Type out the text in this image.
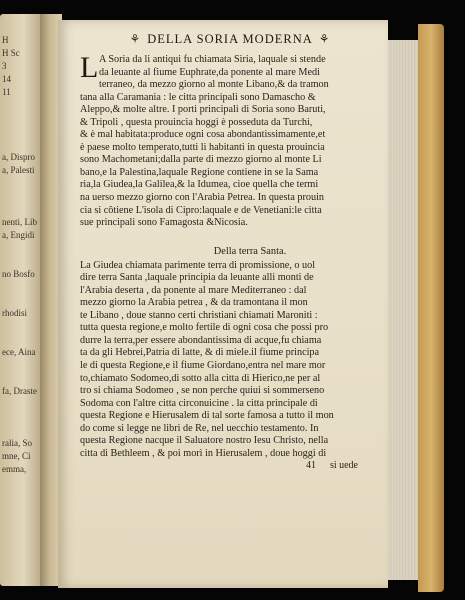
H
H Sc
3
14
11
a, Dispro
a, Palesti
nenti, Lib
a, Engidi
no Bosfo
rhodisi
ece, Aina
fa, Draste
ralia, So
mne, Ci
emma,
⚘ DELLA SORIA MODERNA ⚘
L A Soria da li antiqui fu chiamata Siria, laquale si stende
da leuante al fiume Euphrate,da ponente al mare Medi
terraneo, da mezzo giorno al monte Libano,& da tramon
tana alla Caramania : le citta principali sono Damascho &
Aleppo,& molte altre. I porti principali di Soria sono Baruti,
& Tripoli , questa prouincia hoggi è posseduta da Turchi,
& è mal habitata:produce ogni cosa abondantissimamente,et
è paese molto temperato,tutti li habitanti in questa prouincia
sono Machometani;dalla parte di mezzo giorno al monte Li
bano,e la Palestina,laquale Regione contiene in se la Sama
ria,la Giudea,la Galilea,& la Idumea, cioe quella che termi
na uerso mezzo giorno con l'Arabia Petrea. In questa prouin
cia si côtiene L'isola di Cipro:laquale e de Venetiani:le citta
sue principali sono Famagosta &Nicosia.
Della terra Santa.
La Giudea chiamata parimente terra di promissione, o uol
dire terra Santa ,laquale principia da leuante alli monti de
l'Arabia deserta , da ponente al mare Mediterraneo : dal
mezzo giorno la Arabia petrea , & da tramontana il mon
te Libano , doue stanno certi christiani chiamati Maroniti :
tutta questa regione,e molto fertile di ogni cosa che possi pro
durre la terra,per essere abondantissima di acque,fu chiama
ta da gli Hebrei,Patria di latte, & di miele.il fiume principa
le di questa Regione,e il fiume Giordano,entra nel mare mor
to,chiamato Sodomeo,di sotto alla citta di Hierico,ne per al
tro si chiama Sodomeo , se non perche quiui si sommerseno
Sodoma con l'altre citta circonuicine . la citta principale di
questa Regione e Hierusalem di tal sorte famosa a tutto il mon
do come si legge ne libri de Re, nel uecchio testamento. In
questa Regione nacque il Saluatore nostro Iesu Christo, nella
citta di Bethleem , & poi morì in Hierusalem , doue hoggi di
41 si uede
